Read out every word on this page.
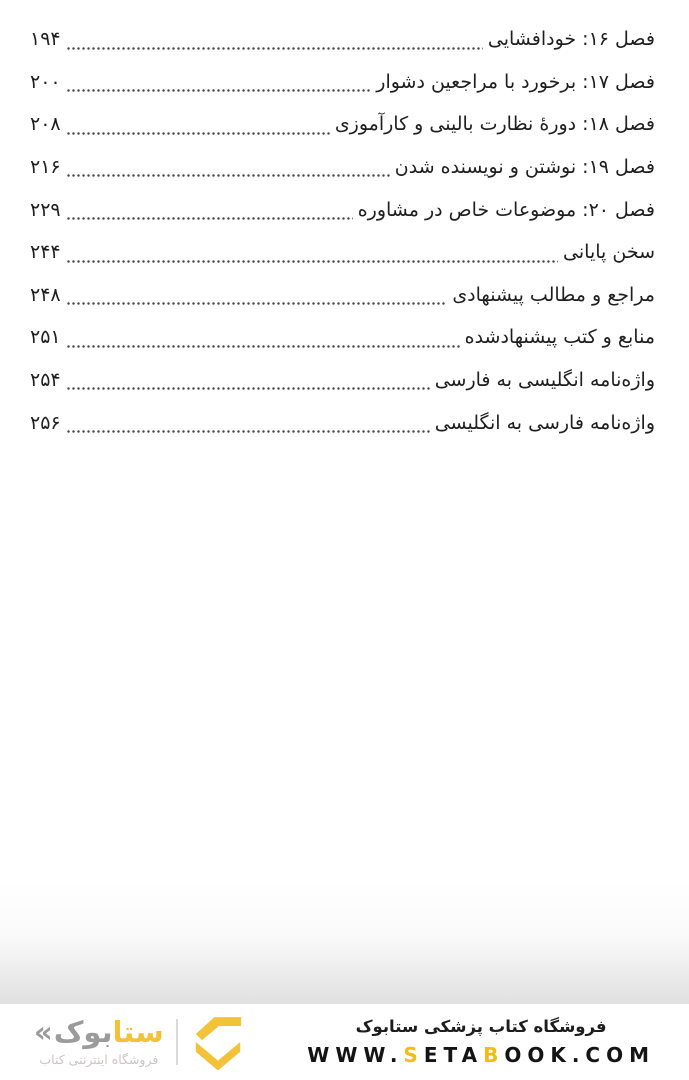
فصل ۱۶: خودافشایی
۱۹۴
فصل ۱۷: برخورد با مراجعین دشوار
۲۰۰
فصل ۱۸: دورۀ نظارت بالینی و کارآموزی
۲۰۸
فصل ۱۹: نوشتن و نویسنده شدن
۲۱۶
فصل ۲۰: موضوعات خاص در مشاوره
۲۲۹
سخن پایانی
۲۴۴
مراجع و مطالب پیشنهادی
۲۴۸
منابع و کتب پیشنهادشده
۲۵۱
واژه‌نامه انگلیسی به فارسی
۲۵۴
واژه‌نامه فارسی به انگلیسی
۲۵۶
« بوک ستا
فروشگاه اینترنتی کتاب
فروشگاه کتاب پزشکی ستابوک
WWW.SETABOOK.COM
